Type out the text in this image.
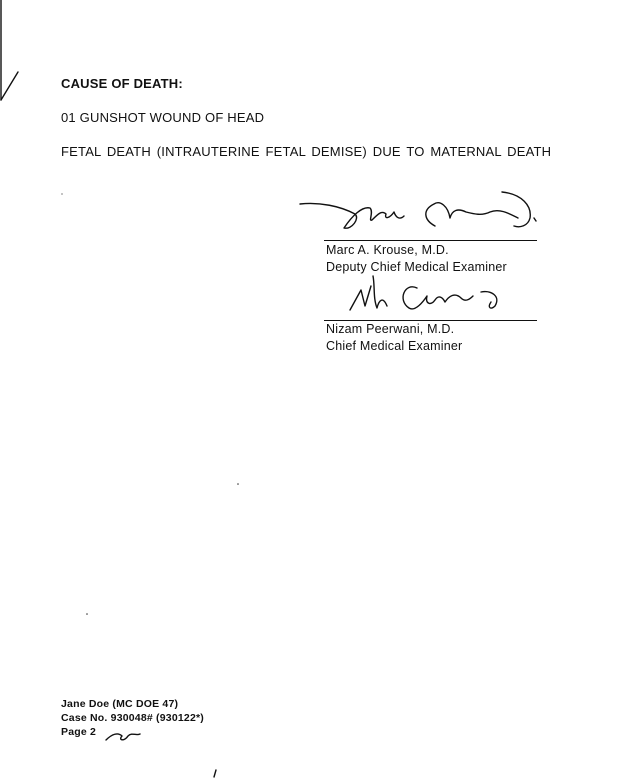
CAUSE OF DEATH:
01 GUNSHOT WOUND OF HEAD
FETAL DEATH (INTRAUTERINE FETAL DEMISE) DUE TO MATERNAL DEATH
Marc A. Krouse, M.D.
Deputy Chief Medical Examiner
Nizam Peerwani, M.D.
Chief Medical Examiner
Jane Doe (MC DOE 47)
Case No. 930048# (930122*)
Page 2
